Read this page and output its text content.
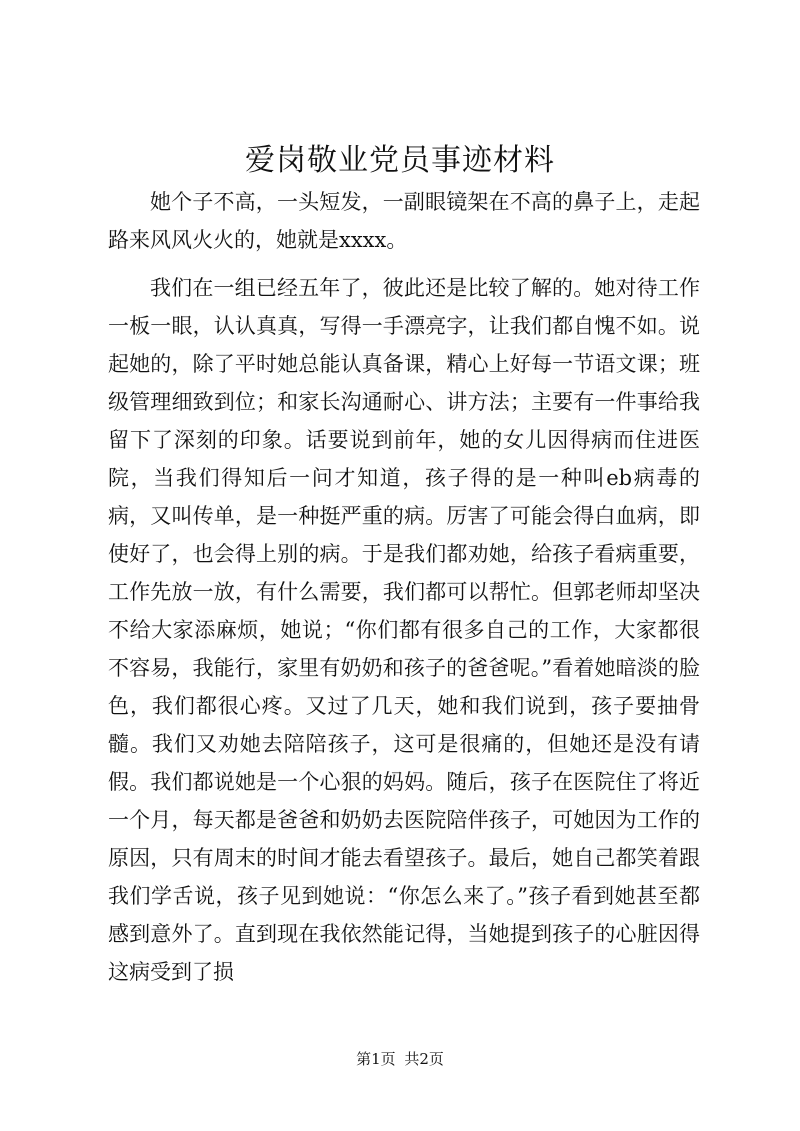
爱岗敬业党员事迹材料

她个子不高，一头短发，一副眼镜架在不高的鼻子上，走起路来风风火火的，她就是xxxx。

我们在一组已经五年了，彼此还是比较了解的。她对待工作一板一眼，认认真真，写得一手漂亮字，让我们都自愧不如。说起她的，除了平时她总能认真备课，精心上好每一节语文课；班级管理细致到位；和家长沟通耐心、讲方法；主要有一件事给我留下了深刻的印象。话要说到前年，她的女儿因得病而住进医院，当我们得知后一问才知道，孩子得的是一种叫eb病毒的病，又叫传单，是一种挺严重的病。厉害了可能会得白血病，即使好了，也会得上别的病。于是我们都劝她，给孩子看病重要，工作先放一放，有什么需要，我们都可以帮忙。但郭老师却坚决不给大家添麻烦，她说；“你们都有很多自己的工作，大家都很不容易，我能行，家里有奶奶和孩子的爸爸呢。”看着她暗淡的脸色，我们都很心疼。又过了几天，她和我们说到，孩子要抽骨髓。我们又劝她去陪陪孩子，这可是很痛的，但她还是没有请假。我们都说她是一个心狠的妈妈。随后，孩子在医院住了将近一个月，每天都是爸爸和奶奶去医院陪伴孩子，可她因为工作的原因，只有周末的时间才能去看望孩子。最后，她自己都笑着跟我们学舌说，孩子见到她说：“你怎么来了。”孩子看到她甚至都感到意外了。直到现在我依然能记得，当她提到孩子的心脏因得这病受到了损

第1页 共2页
